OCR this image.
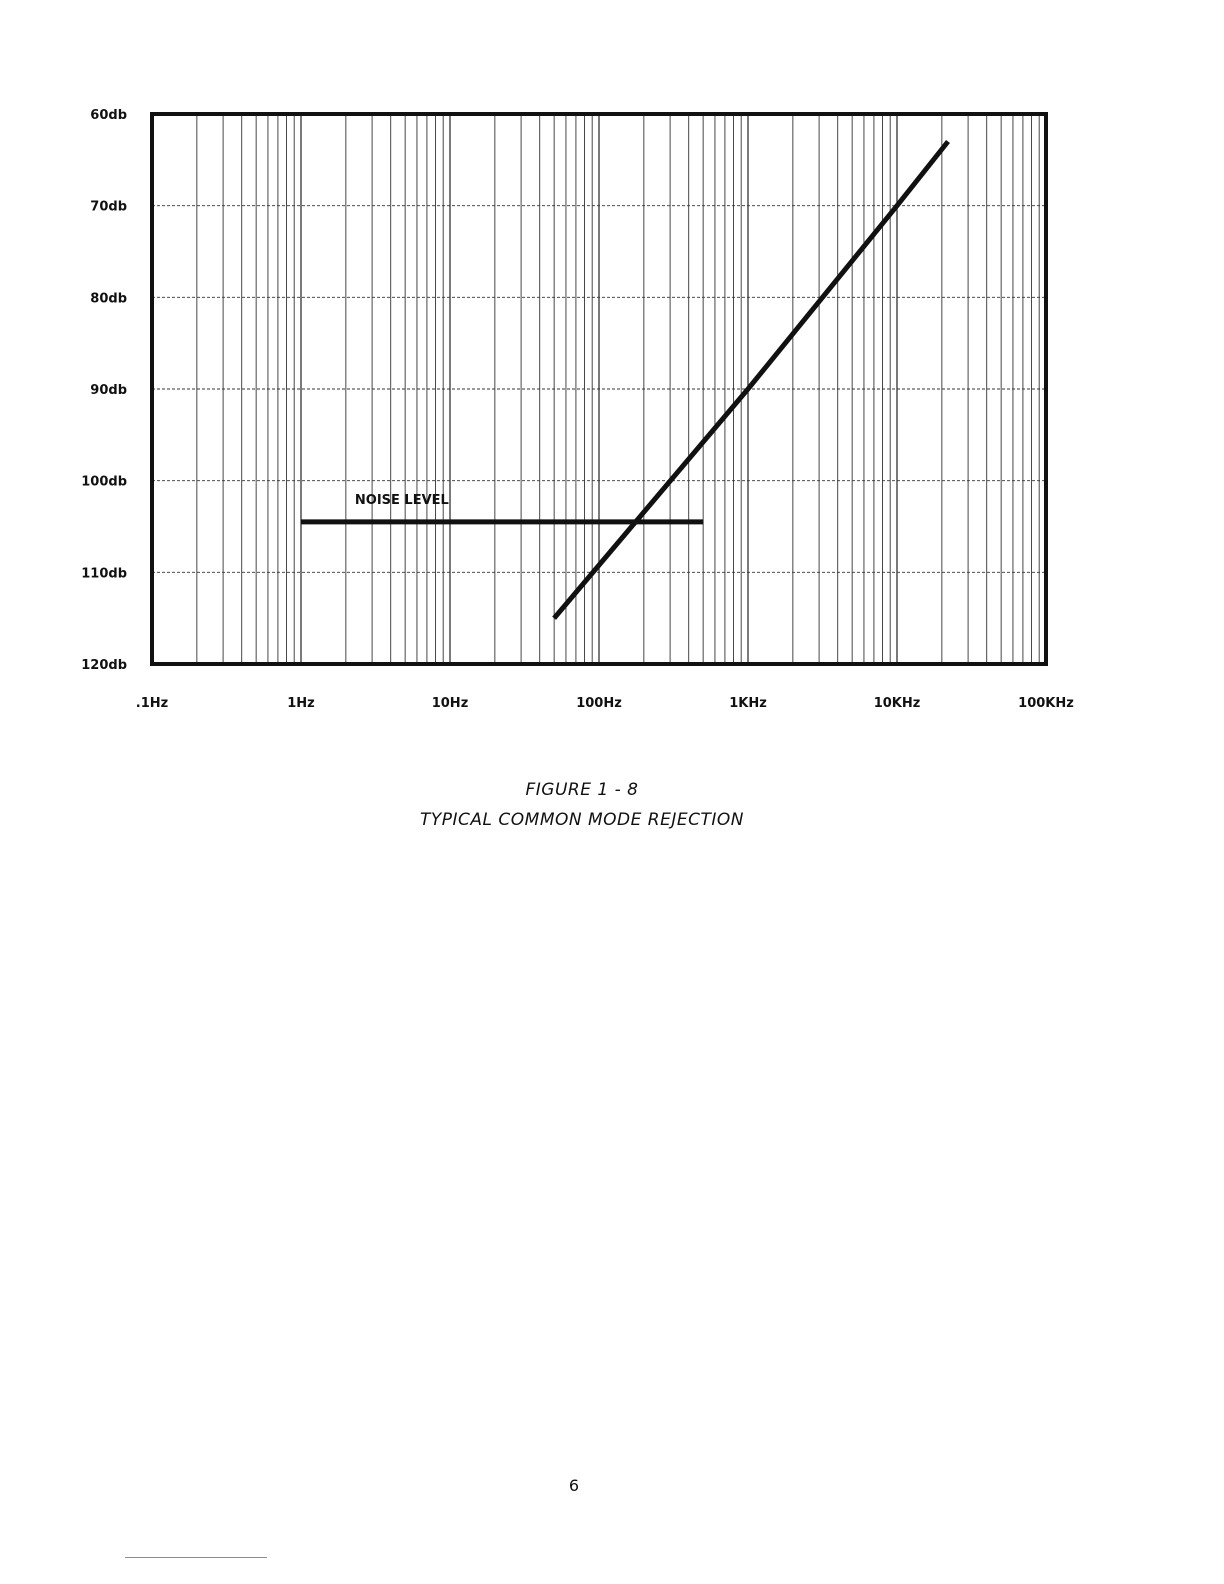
60db
70db
80db
90db
100db
110db
120db
.1Hz	1Hz	10Hz	100Hz	1KHz	10KHz	100KHz
NOISE LEVEL
FIGURE 1 - 8
TYPICAL COMMON MODE REJECTION
6
